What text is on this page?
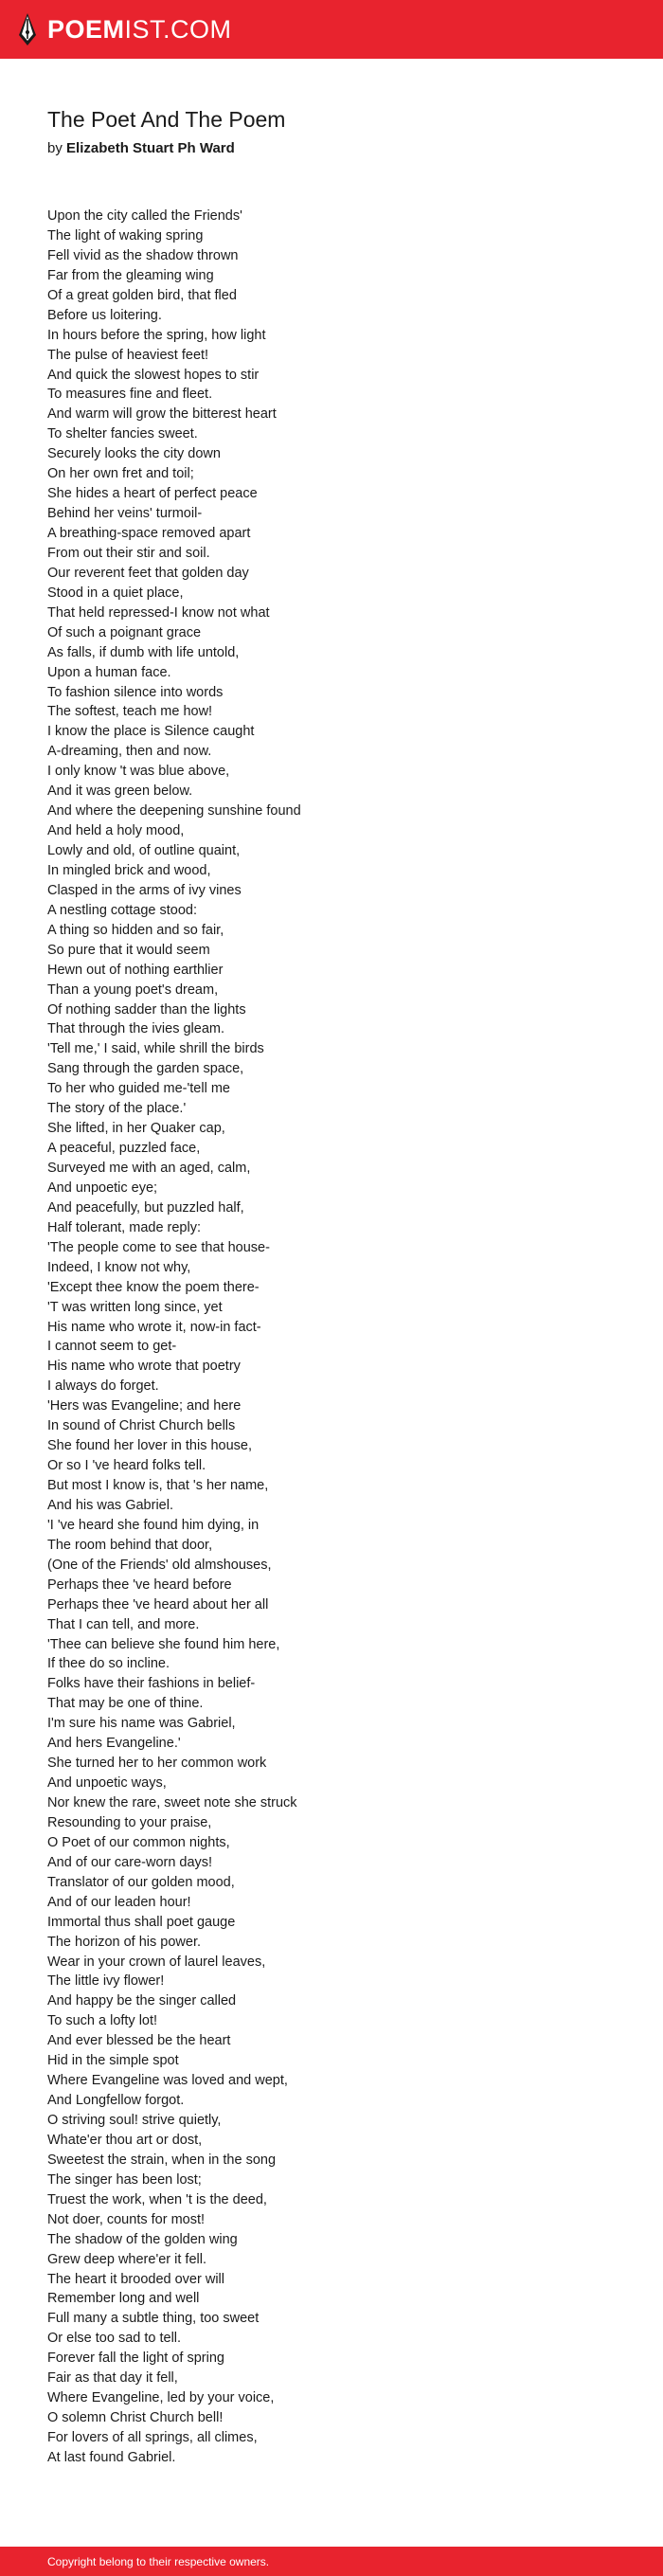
POEMIST.COM
The Poet And The Poem
by Elizabeth Stuart Ph Ward
Upon the city called the Friends'
The light of waking spring
Fell vivid as the shadow thrown
Far from the gleaming wing
Of a great golden bird, that fled
Before us loitering.
In hours before the spring, how light
The pulse of heaviest feet!
And quick the slowest hopes to stir
To measures fine and fleet.
And warm will grow the bitterest heart
To shelter fancies sweet.
Securely looks the city down
On her own fret and toil;
She hides a heart of perfect peace
Behind her veins' turmoil-
A breathing-space removed apart
From out their stir and soil.
Our reverent feet that golden day
Stood in a quiet place,
That held repressed-I know not what
Of such a poignant grace
As falls, if dumb with life untold,
Upon a human face.
To fashion silence into words
The softest, teach me how!
I know the place is Silence caught
A-dreaming, then and now.
I only know 't was blue above,
And it was green below.
And where the deepening sunshine found
And held a holy mood,
Lowly and old, of outline quaint,
In mingled brick and wood,
Clasped in the arms of ivy vines
A nestling cottage stood:
A thing so hidden and so fair,
So pure that it would seem
Hewn out of nothing earthlier
Than a young poet's dream,
Of nothing sadder than the lights
That through the ivies gleam.
'Tell me,' I said, while shrill the birds
Sang through the garden space,
To her who guided me-'tell me
The story of the place.'
She lifted, in her Quaker cap,
A peaceful, puzzled face,
Surveyed me with an aged, calm,
And unpoetic eye;
And peacefully, but puzzled half,
Half tolerant, made reply:
'The people come to see that house-
Indeed, I know not why,
'Except thee know the poem there-
'T was written long since, yet
His name who wrote it, now-in fact-
I cannot seem to get-
His name who wrote that poetry
I always do forget.
'Hers was Evangeline; and here
In sound of Christ Church bells
She found her lover in this house,
Or so I 've heard folks tell.
But most I know is, that 's her name,
And his was Gabriel.
'I 've heard she found him dying, in
The room behind that door,
(One of the Friends' old almshouses,
Perhaps thee 've heard before
Perhaps thee 've heard about her all
That I can tell, and more.
'Thee can believe she found him here,
If thee do so incline.
Folks have their fashions in belief-
That may be one of thine.
I'm sure his name was Gabriel,
And hers Evangeline.'
She turned her to her common work
And unpoetic ways,
Nor knew the rare, sweet note she struck
Resounding to your praise,
O Poet of our common nights,
And of our care-worn days!
Translator of our golden mood,
And of our leaden hour!
Immortal thus shall poet gauge
The horizon of his power.
Wear in your crown of laurel leaves,
The little ivy flower!
And happy be the singer called
To such a lofty lot!
And ever blessed be the heart
Hid in the simple spot
Where Evangeline was loved and wept,
And Longfellow forgot.
O striving soul! strive quietly,
Whate'er thou art or dost,
Sweetest the strain, when in the song
The singer has been lost;
Truest the work, when 't is the deed,
Not doer, counts for most!
The shadow of the golden wing
Grew deep where'er it fell.
The heart it brooded over will
Remember long and well
Full many a subtle thing, too sweet
Or else too sad to tell.
Forever fall the light of spring
Fair as that day it fell,
Where Evangeline, led by your voice,
O solemn Christ Church bell!
For lovers of all springs, all climes,
At last found Gabriel.
Copyright belong to their respective owners.
